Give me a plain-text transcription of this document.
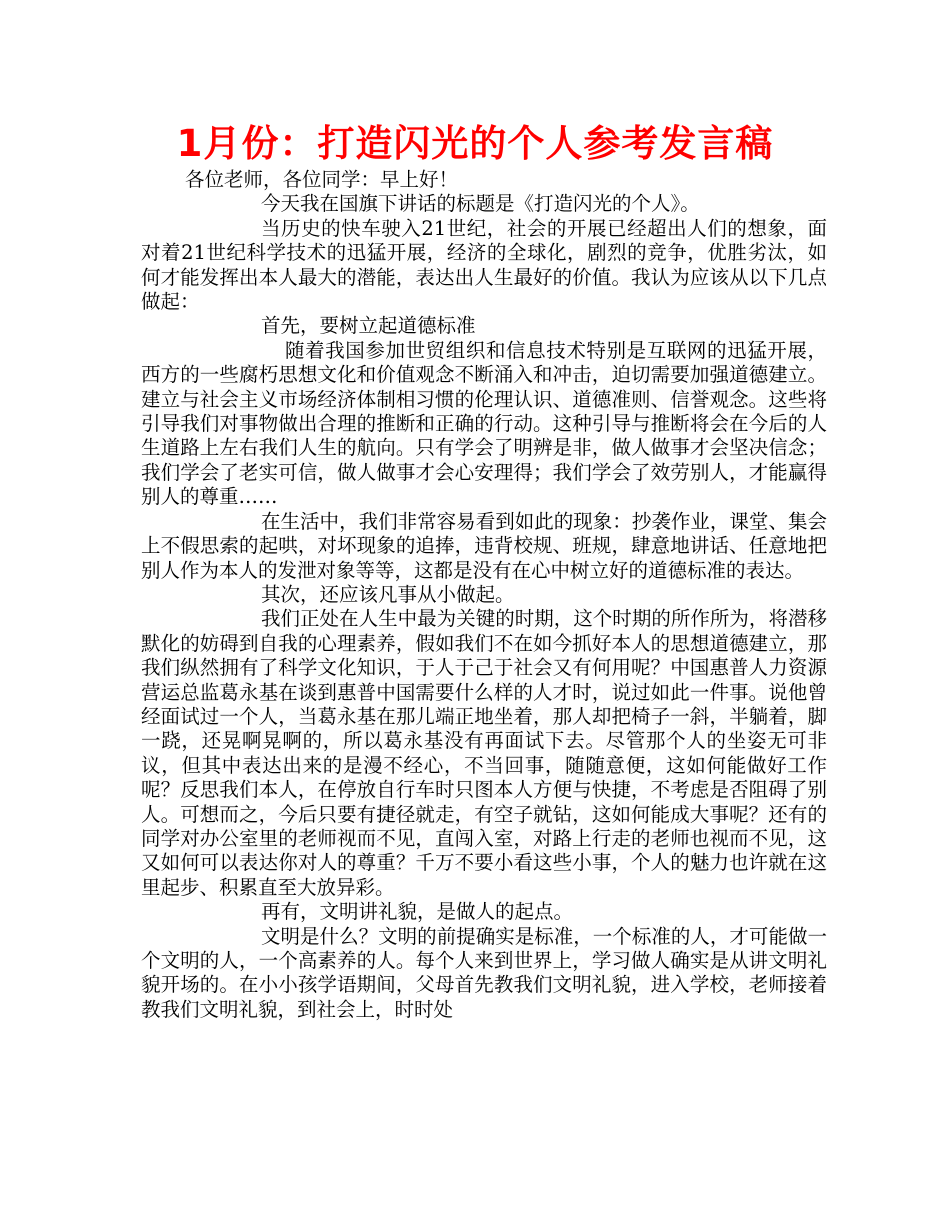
1月份：打造闪光的个人参考发言稿

各位老师，各位同学：早上好！

今天我在国旗下讲话的标题是《打造闪光的个人》。

当历史的快车驶入21世纪，社会的开展已经超出人们的想象，面对着21世纪科学技术的迅猛开展，经济的全球化，剧烈的竞争，优胜劣汰，如何才能发挥出本人最大的潜能，表达出人生最好的价值。我认为应该从以下几点做起：

首先，要树立起道德标准

随着我国参加世贸组织和信息技术特别是互联网的迅猛开展，西方的一些腐朽思想文化和价值观念不断涌入和冲击，迫切需要加强道德建立。建立与社会主义市场经济体制相习惯的伦理认识、道德准则、信誉观念。这些将引导我们对事物做出合理的推断和正确的行动。这种引导与推断将会在今后的人生道路上左右我们人生的航向。只有学会了明辨是非，做人做事才会坚决信念；我们学会了老实可信，做人做事才会心安理得；我们学会了效劳别人，才能赢得别人的尊重……

在生活中，我们非常容易看到如此的现象：抄袭作业，课堂、集会上不假思索的起哄，对坏现象的追捧，违背校规、班规，肆意地讲话、任意地把别人作为本人的发泄对象等等，这都是没有在心中树立好的道德标准的表达。

其次，还应该凡事从小做起。

我们正处在人生中最为关键的时期，这个时期的所作所为，将潜移默化的妨碍到自我的心理素养，假如我们不在如今抓好本人的思想道德建立，那我们纵然拥有了科学文化知识，于人于己于社会又有何用呢？中国惠普人力资源营运总监葛永基在谈到惠普中国需要什么样的人才时，说过如此一件事。说他曾经面试过一个人，当葛永基在那儿端正地坐着，那人却把椅子一斜，半躺着，脚一跷，还晃啊晃啊的，所以葛永基没有再面试下去。尽管那个人的坐姿无可非议，但其中表达出来的是漫不经心，不当回事，随随意便，这如何能做好工作呢？反思我们本人，在停放自行车时只图本人方便与快捷，不考虑是否阻碍了别人。可想而之，今后只要有捷径就走，有空子就钻，这如何能成大事呢？还有的同学对办公室里的老师视而不见，直闯入室，对路上行走的老师也视而不见，这又如何可以表达你对人的尊重？千万不要小看这些小事，个人的魅力也许就在这里起步、积累直至大放异彩。

再有，文明讲礼貌，是做人的起点。

文明是什么？文明的前提确实是标准，一个标准的人，才可能做一个文明的人，一个高素养的人。每个人来到世界上，学习做人确实是从讲文明礼貌开场的。在小小孩学语期间，父母首先教我们文明礼貌，进入学校，老师接着教我们文明礼貌，到社会上，时时处
